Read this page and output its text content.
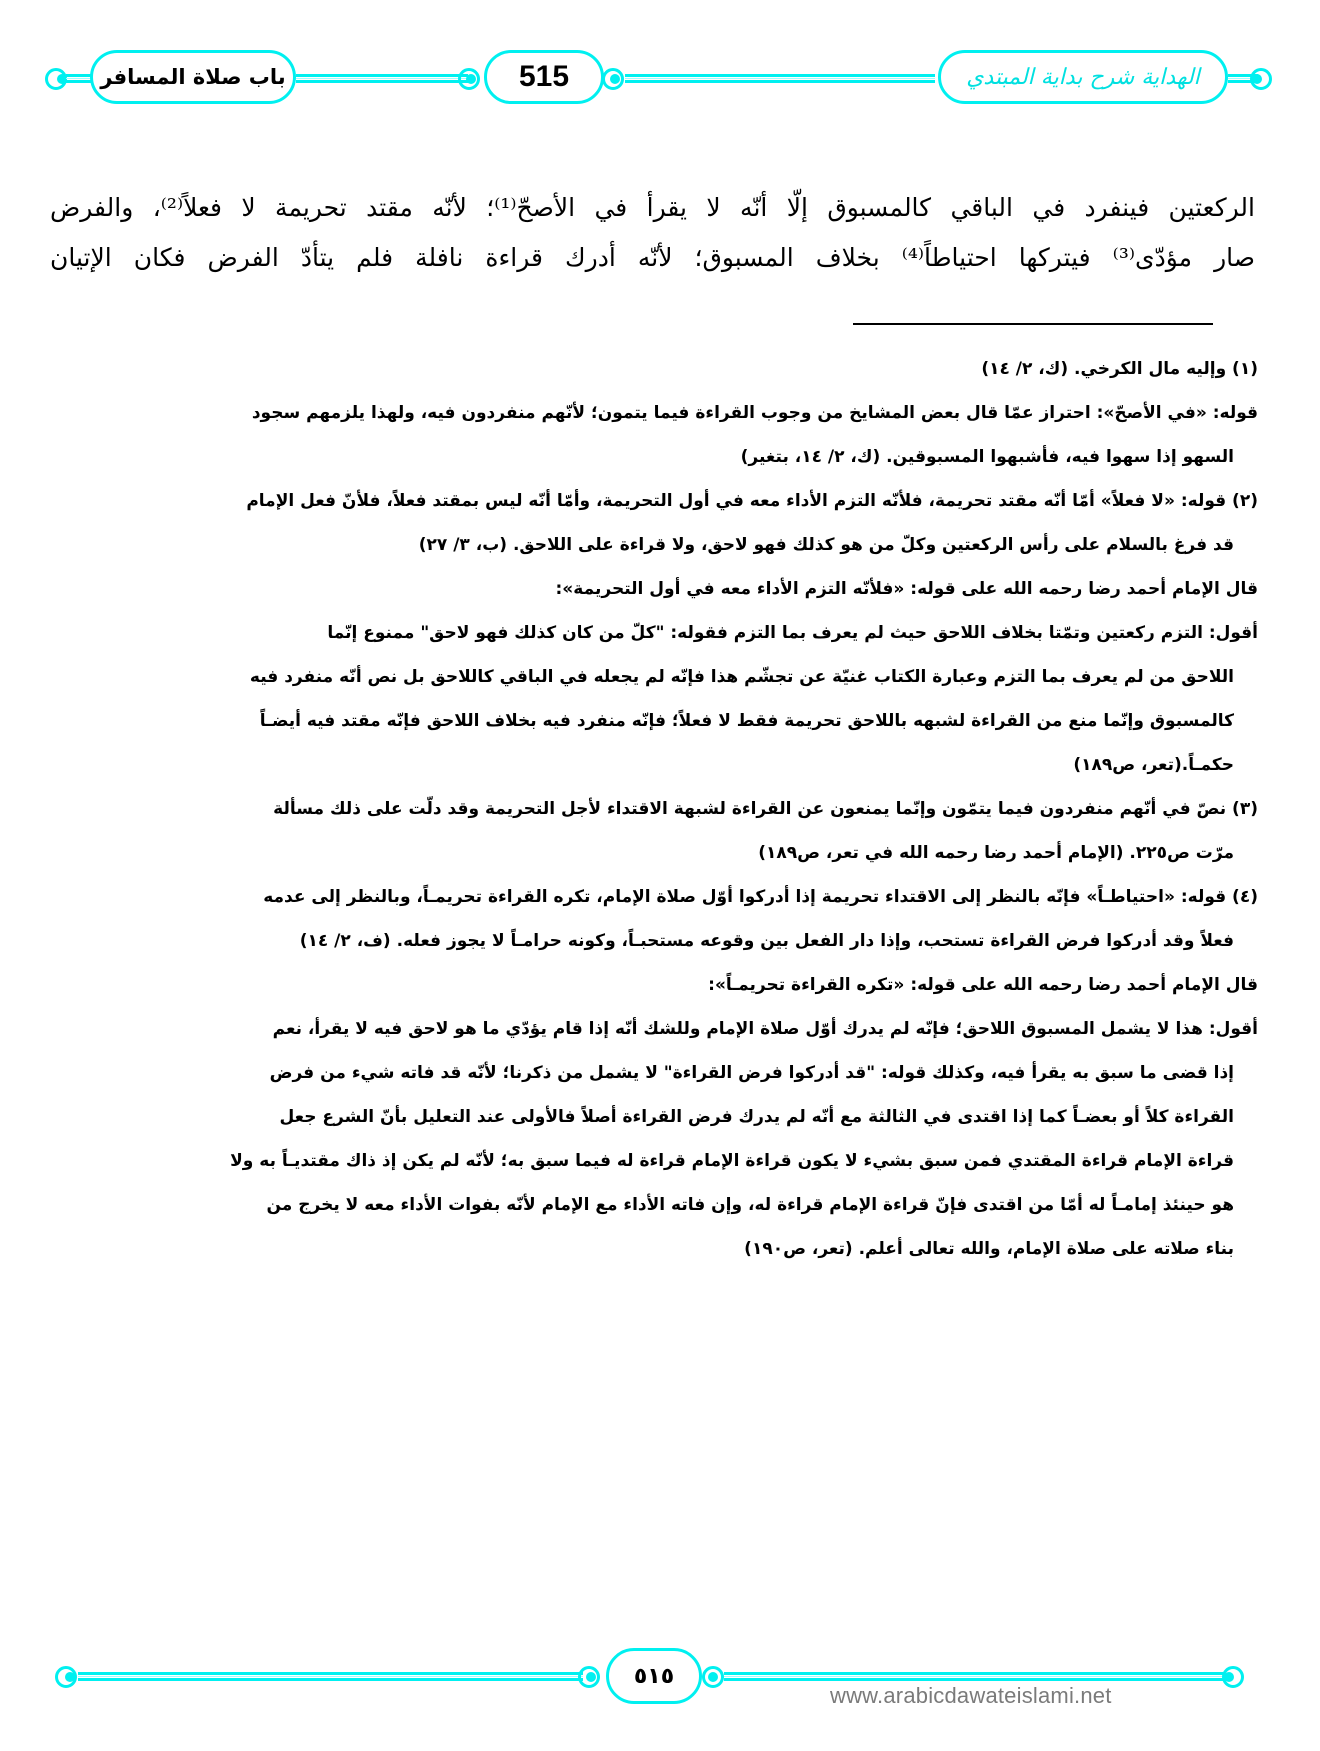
باب صلاة المسافر	515	الهداية شرح بداية المبتدي

الركعتين فينفرد في الباقي كالمسبوق إلّا أنّه لا يقرأ في الأصحّ⁽¹⁾؛ لأنّه مقتد تحريمة لا فعلاً⁽²⁾، والفرض

صار مؤدّى⁽³⁾ فيتركها احتياطاً⁽⁴⁾ بخلاف المسبوق؛ لأنّه أدرك قراءة نافلة فلم يتأدّ الفرض فكان الإتيان

(١) وإليه مال الكرخي. (ك، ٢/ ١٤)

قوله: «في الأصحّ»: احتراز عمّا قال بعض المشايخ من وجوب القراءة فيما يتمون؛ لأنّهم منفردون فيه، ولهذا يلزمهم سجود

السهو إذا سهوا فيه، فأشبهوا المسبوقين. (ك، ٢/ ١٤، بتغير)

(٢) قوله: «لا فعلاً» أمّا أنّه مقتد تحريمة، فلأنّه التزم الأداء معه في أول التحريمة، وأمّا أنّه ليس بمقتد فعلاً، فلأنّ فعل الإمام

قد فرغ بالسلام على رأس الركعتين وكلّ من هو كذلك فهو لاحق، ولا قراءة على اللاحق. (ب، ٣/ ٢٧)

قال الإمام أحمد رضا رحمه الله على قوله: «فلأنّه التزم الأداء معه في أول التحريمة»:

أقول: التزم ركعتين وتمّتا بخلاف اللاحق حيث لم يعرف بما التزم فقوله: "كلّ من كان كذلك فهو لاحق" ممنوع إنّما

اللاحق من لم يعرف بما التزم وعبارة الكتاب غنيّة عن تجشّم هذا فإنّه لم يجعله في الباقي كاللاحق بل نص أنّه منفرد فيه

كالمسبوق وإنّما منع من القراءة لشبهه باللاحق تحريمة فقط لا فعلاً؛ فإنّه منفرد فيه بخلاف اللاحق فإنّه مقتد فيه أيضـاً

حكمـاً.(تعر، ص١٨٩)

(٣) نصّ في أنّهم منفردون فيما يتمّون وإنّما يمنعون عن القراءة لشبهة الاقتداء لأجل التحريمة وقد دلّت على ذلك مسألة

مرّت ص٢٢٥. (الإمام أحمد رضا رحمه الله في تعر، ص١٨٩)

(٤) قوله: «احتياطـاً» فإنّه بالنظر إلى الاقتداء تحريمة إذا أدركوا أوّل صلاة الإمام، تكره القراءة تحريمـاً، وبالنظر إلى عدمه

فعلاً وقد أدركوا فرض القراءة تستحب، وإذا دار الفعل بين وقوعه مستحبـاً، وكونه حرامـاً لا يجوز فعله. (ف، ٢/ ١٤)

قال الإمام أحمد رضا رحمه الله على قوله: «تكره القراءة تحريمـاً»:

أقول: هذا لا يشمل المسبوق اللاحق؛ فإنّه لم يدرك أوّل صلاة الإمام وللشك أنّه إذا قام يؤدّي ما هو لاحق فيه لا يقرأ، نعم

إذا قضى ما سبق به يقرأ فيه، وكذلك قوله: "قد أدركوا فرض القراءة" لا يشمل من ذكرنا؛ لأنّه قد فاته شيء من فرض

القراءة كلاً أو بعضـاً كما إذا اقتدى في الثالثة مع أنّه لم يدرك فرض القراءة أصلاً فالأولى عند التعليل بأنّ الشرع جعل

قراءة الإمام قراءة المقتدي فمن سبق بشيء لا يكون قراءة الإمام قراءة له فيما سبق به؛ لأنّه لم يكن إذ ذاك مقتديـاً به ولا

هو حينئذ إمامـاً له أمّا من اقتدى فإنّ قراءة الإمام قراءة له، وإن فاته الأداء مع الإمام لأنّه بفوات الأداء معه لا يخرج من

بناء صلاته على صلاة الإمام، والله تعالى أعلم. (تعر، ص١٩٠)

٥١٥
www.arabicdawateislami.net
